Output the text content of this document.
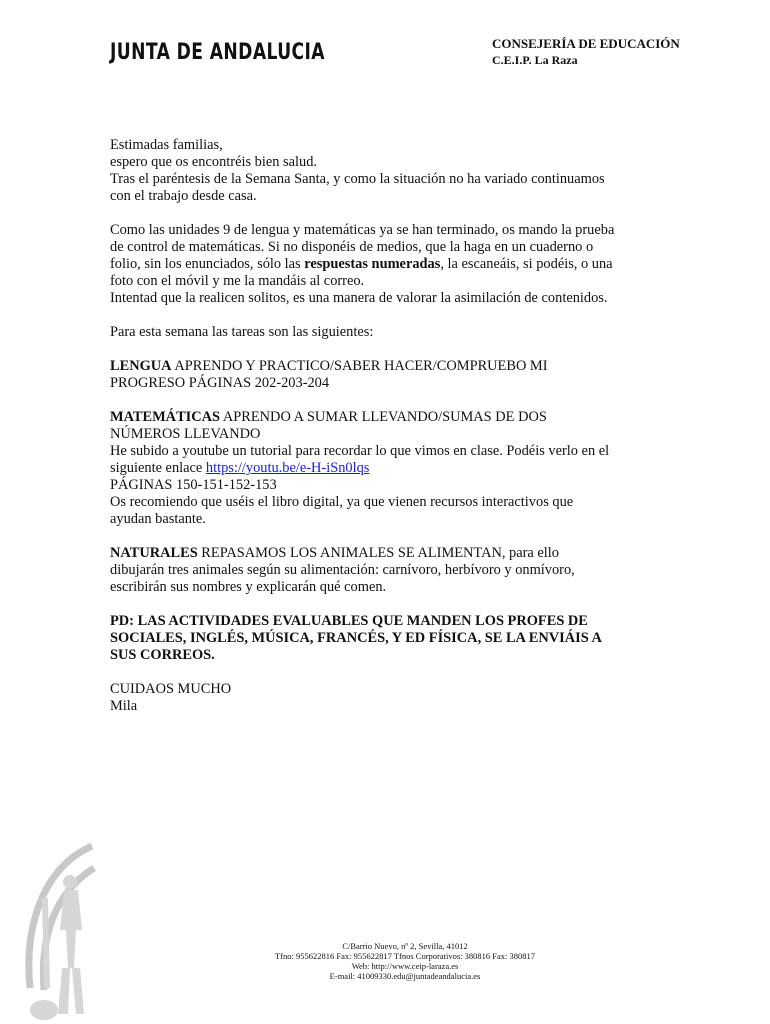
JUNTA DE ANDALUCIA	CONSEJERÍA DE EDUCACIÓN
C.E.I.P. La Raza

Estimadas familias,
espero que os encontréis bien salud.
Tras el paréntesis de la Semana Santa, y como la situación no ha variado continuamos
con el trabajo desde casa.

Como las unidades 9 de lengua y matemáticas ya se han terminado, os mando la prueba
de control de matemáticas. Si no disponéis de medios, que la haga en un cuaderno o
folio, sin los enunciados, sólo las respuestas numeradas, la escaneáis, si podéis, o una
foto con el móvil y me la mandáis al correo.
Intentad que la realicen solitos, es una manera de valorar la asimilación de contenidos.

Para esta semana las tareas son las siguientes:

LENGUA APRENDO Y PRACTICO/SABER HACER/COMPRUEBO MI
PROGRESO PÁGINAS 202-203-204

MATEMÁTICAS APRENDO A SUMAR LLEVANDO/SUMAS DE DOS
NÚMEROS LLEVANDO
He subido a youtube un tutorial para recordar lo que vimos en clase. Podéis verlo en el
siguiente enlace https://youtu.be/e-H-iSn0lqs
PÁGINAS 150-151-152-153
Os recomiendo que uséis el libro digital, ya que vienen recursos interactivos que
ayudan bastante.

NATURALES REPASAMOS LOS ANIMALES SE ALIMENTAN, para ello
dibujarán tres animales según su alimentación: carnívoro, herbívoro y onmívoro,
escribirán sus nombres y explicarán qué comen.

PD: LAS ACTIVIDADES EVALUABLES QUE MANDEN LOS PROFES DE
SOCIALES, INGLÉS, MÚSICA, FRANCÉS, Y ED FÍSICA, SE LA ENVIÁIS A
SUS CORREOS.

CUIDAOS MUCHO
Mila

C/Barrio Nuevo, nº 2, Sevilla, 41012
Tfno: 955622816 Fax: 955622817 Tfnos Corporativos: 380816 Fax: 380817
Web: http://www.ceip-laraza.es
E-mail: 41009330.edu@juntadeandalucia.es
